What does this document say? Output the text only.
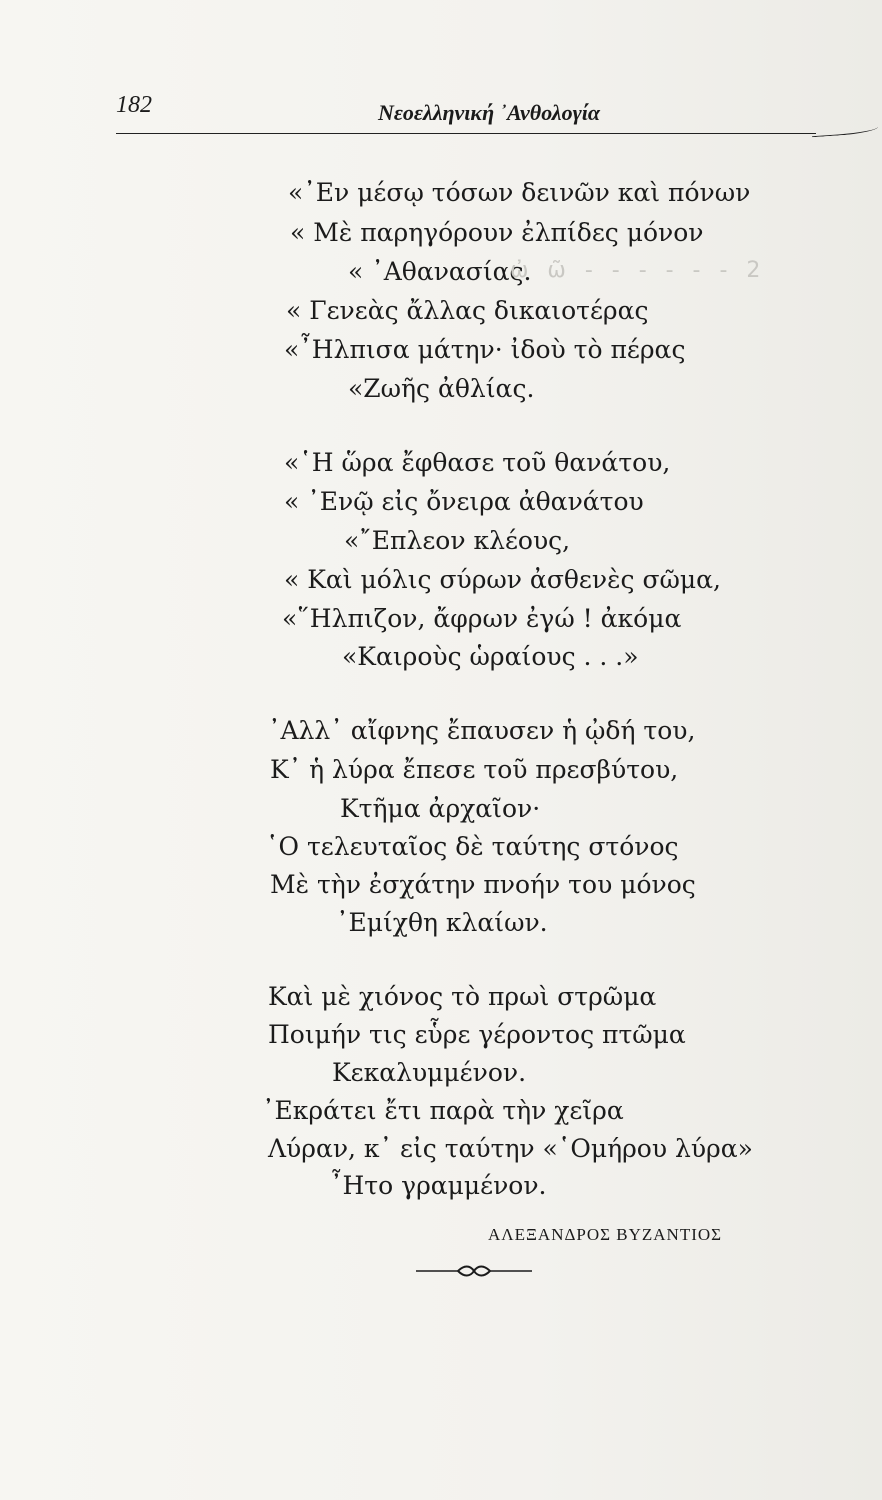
182	Νεοελληνική ᾿Ανθολογία
«᾿Εν μέσῳ τόσων δεινῶν καὶ πόνων
« Μὲ παρηγόρουν ἐλπίδες μόνον
« ᾿Αθανασίας.
« Γενεὰς ἄλλας δικαιοτέρας
«῏Ηλπισα μάτην· ἰδοὺ τὸ πέρας
«Ζωῆς ἀθλίας.
ὠ ῶ - - - - - - 2
«῾Η ὥρα ἔφθασε τοῦ θανάτου,
« ᾿Ενῷ εἰς ὄνειρα ἀθανάτου
«῎Επλεον κλέους,
« Καὶ μόλις σύρων ἀσθενὲς σῶμα,
«῞Ηλπιζον, ἄφρων ἐγώ ! ἀκόμα
«Καιροὺς ὡραίους . . .»
᾿Αλλ᾿ αἴφνης ἔπαυσεν ἡ ᾠδή του,
Κ᾿ ἡ λύρα ἔπεσε τοῦ πρεσβύτου,
Κτῆμα ἀρχαῖον·
῾Ο τελευταῖος δὲ ταύτης στόνος
Μὲ τὴν ἐσχάτην πνοήν του μόνος
᾿Εμίχθη κλαίων.
Καὶ μὲ χιόνος τὸ πρωὶ στρῶμα
Ποιμήν τις εὗρε γέροντος πτῶμα
Κεκαλυμμένον.
᾿Εκράτει ἔτι παρὰ τὴν χεῖρα
Λύραν, κ᾿ εἰς ταύτην «῾Ομήρου λύρα»
῏Ητο γραμμένον.
ΑΛΕΞΑΝΔΡΟΣ ΒΥΖΑΝΤΙΟΣ
